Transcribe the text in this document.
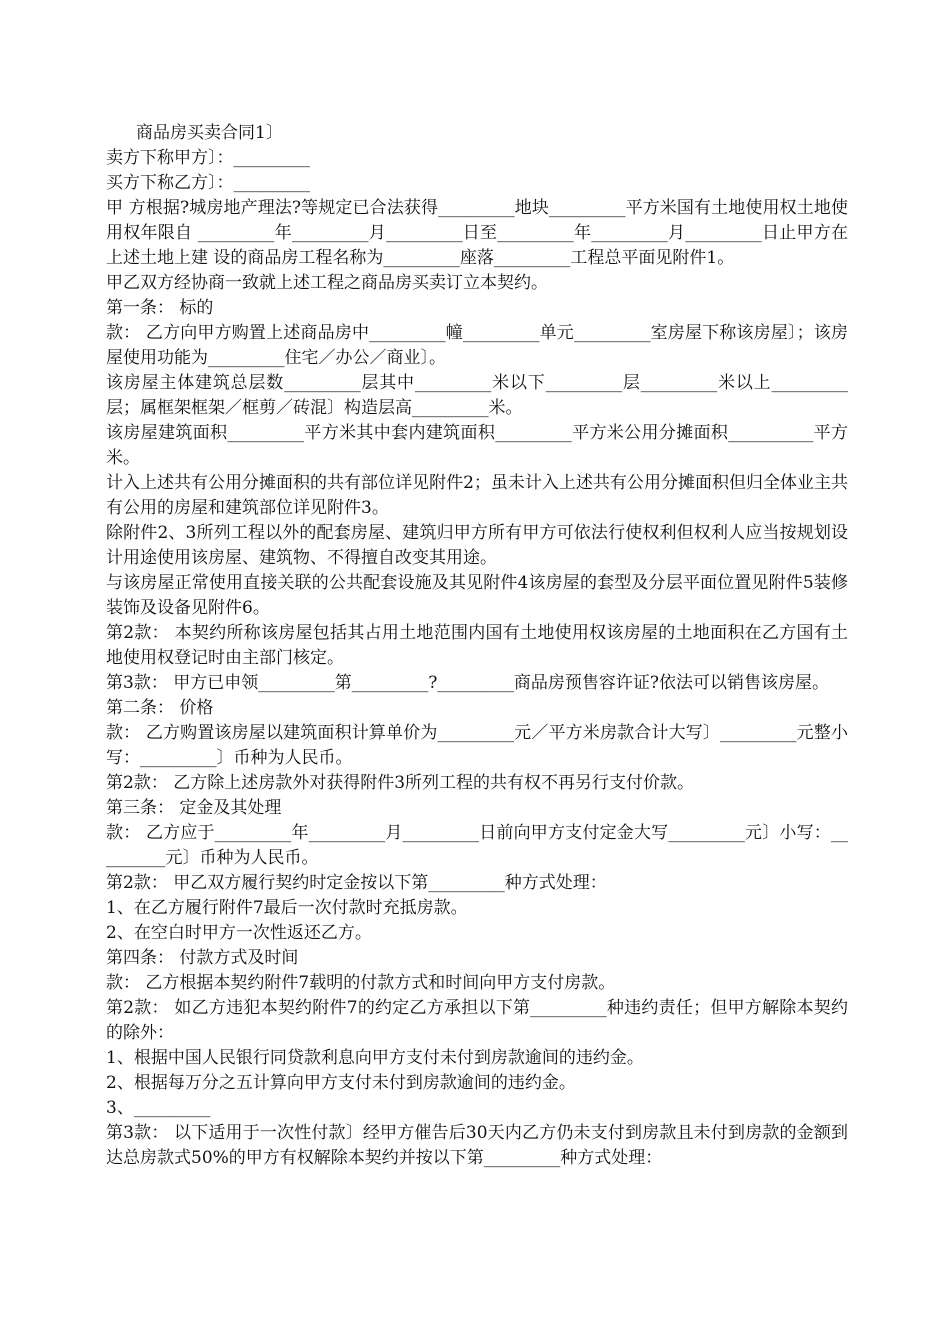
商品房买卖合同1〕
卖方下称甲方〕：_________
买方下称乙方〕：_________
甲 方根据?城房地产理法?等规定已合法获得_________地块_________平方米国有土地使用权土地使用权年限自 _________年_________月_________日至_________年_________月_________日止甲方在上述土地上建 设的商品房工程名称为_________座落_________工程总平面见附件1。
甲乙双方经协商一致就上述工程之商品房买卖订立本契约。
第一条： 标的
款： 乙方向甲方购置上述商品房中_________幢_________单元_________室房屋下称该房屋〕；该房屋使用功能为_________住宅／办公／商业〕。
该房屋主体建筑总层数_________层其中_________米以下_________层_________米以上_________层；属框架框架／框剪／砖混〕构造层高_________米。
该房屋建筑面积_________平方米其中套内建筑面积_________平方米公用分摊面积__________平方米。
计入上述共有公用分摊面积的共有部位详见附件2；虽未计入上述共有公用分摊面积但归全体业主共有公用的房屋和建筑部位详见附件3。
除附件2、3所列工程以外的配套房屋、建筑归甲方所有甲方可依法行使权利但权利人应当按规划设计用途使用该房屋、建筑物、不得擅自改变其用途。
与该房屋正常使用直接关联的公共配套设施及其见附件4该房屋的套型及分层平面位置见附件5装修装饰及设备见附件6。
第2款： 本契约所称该房屋包括其占用土地范围内国有土地使用权该房屋的土地面积在乙方国有土地使用权登记时由主部门核定。
第3款： 甲方已申领_________第_________?_________商品房预售容许证?依法可以销售该房屋。
第二条： 价格
款： 乙方购置该房屋以建筑面积计算单价为_________元／平方米房款合计大写〕_________元整小写：_________〕币种为人民币。
第2款： 乙方除上述房款外对获得附件3所列工程的共有权不再另行支付价款。
第三条： 定金及其处理
款： 乙方应于_________年_________月_________日前向甲方支付定金大写_________元〕小写：_________元〕币种为人民币。
第2款： 甲乙双方履行契约时定金按以下第_________种方式处理：
1、在乙方履行附件7最后一次付款时充抵房款。
2、在空白时甲方一次性返还乙方。
第四条： 付款方式及时间
款： 乙方根据本契约附件7载明的付款方式和时间向甲方支付房款。
第2款： 如乙方违犯本契约附件7的约定乙方承担以下第_________种违约责任；但甲方解除本契约的除外：
1、根据中国人民银行同贷款利息向甲方支付未付到房款逾间的违约金。
2、根据每万分之五计算向甲方支付未付到房款逾间的违约金。
3、_________
第3款： 以下适用于一次性付款〕经甲方催告后30天内乙方仍未支付到房款且未付到房款的金额到达总房款式50%的甲方有权解除本契约并按以下第_________种方式处理：
